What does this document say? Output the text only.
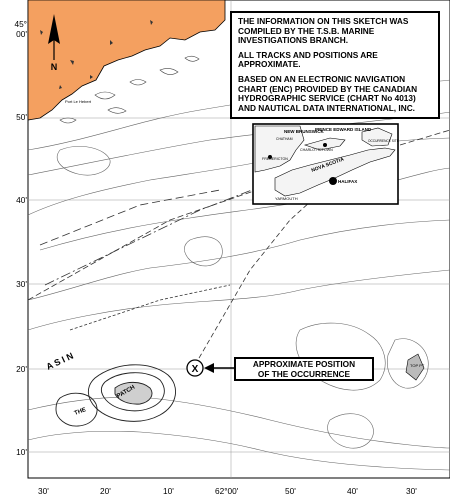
N
Port Le Hebert
A S I N
THE
PATCH
TOP PT
X
NEW BRUNSWICK
PRINCE EDWARD ISLAND
FREDERICTON
CHARLOTTETOWN
NOVA SCOTIA
HALIFAX
YARMOUTH
OCCURRENCE SITE
CHATHAM

THE INFORMATION ON THIS SKETCH WAS COMPILED BY THE T.S.B. MARINE INVESTIGATIONS BRANCH.

ALL TRACKS AND POSITIONS ARE APPROXIMATE.

BASED ON AN ELECTRONIC NAVIGATION CHART (ENC) PROVIDED BY THE CANADIAN HYDROGRAPHIC SERVICE (CHART No 4013) AND NAUTICAL DATA INTERNATIONAL, INC.

APPROXIMATE POSITION
OF THE OCCURRENCE
45°
00'
50'
40'
30'
20'
10'
30'	20'	10'	62°00'	50'	40'	30'
